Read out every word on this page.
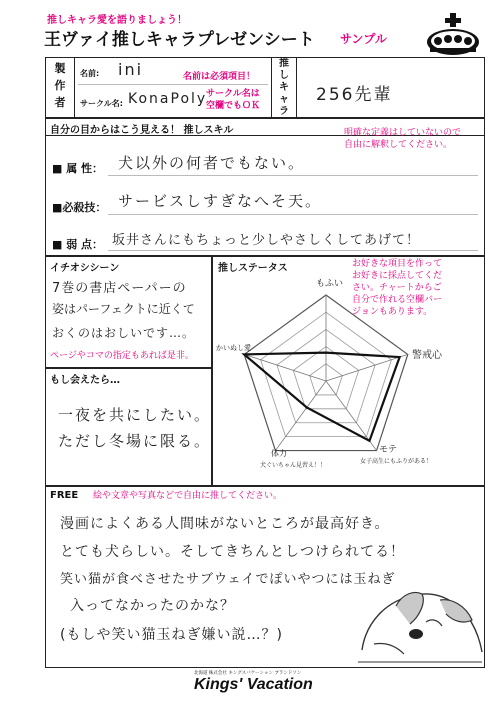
推しキャラ愛を語りましょう！
王ヴァイ推しキャラプレゼンシート サンプル
製
作
者
名前: ini	名前は必須項目！
サークル名: KonaPoly
サークル名は
空欄でもＯＫ
推
し
キ
ャ
ラ
256先輩
自分の目からはこう見える！ 推しスキル	明確な定義はしていないので
自由に解釈してください。
■ 属 性： 犬以外の何者でもない。
■必殺技： サービスしすぎなへそ天。
■ 弱 点： 坂井さんにもちょっと少しやさしくしてあげて！
イチオシシーン
7巻の書店ペーパーの
姿はパーフェクトに近くて
おくのはおしいです…。
ページやコマの指定もあれば是非。
もし会えたら…
一夜を共にしたい。
ただし冬場に限る。
推しステータス	お好きな項目を作って
お好きに採点してくだ
さい。チャートからご
自分で作れる空欄バー
ジョンもあります。
もふい
警戒心
モテ
女子高生にもふりがある！
体力
犬ぐいちゃん見習え！！
かいぬし愛
FREE 絵や文章や写真などで自由に推してください。
漫画によくある人間味がないところが最高好き。
とても犬らしい。そしてきちんとしつけられてる！
笑い猫が食べさせたサブウェイでぽいやつには玉ねぎ
入ってなかったのかな？
(もしや笑い猫玉ねぎ嫌い説…？)
北海道 株式会社 キングスバケーション ブランドソン
Kings' Vacation
